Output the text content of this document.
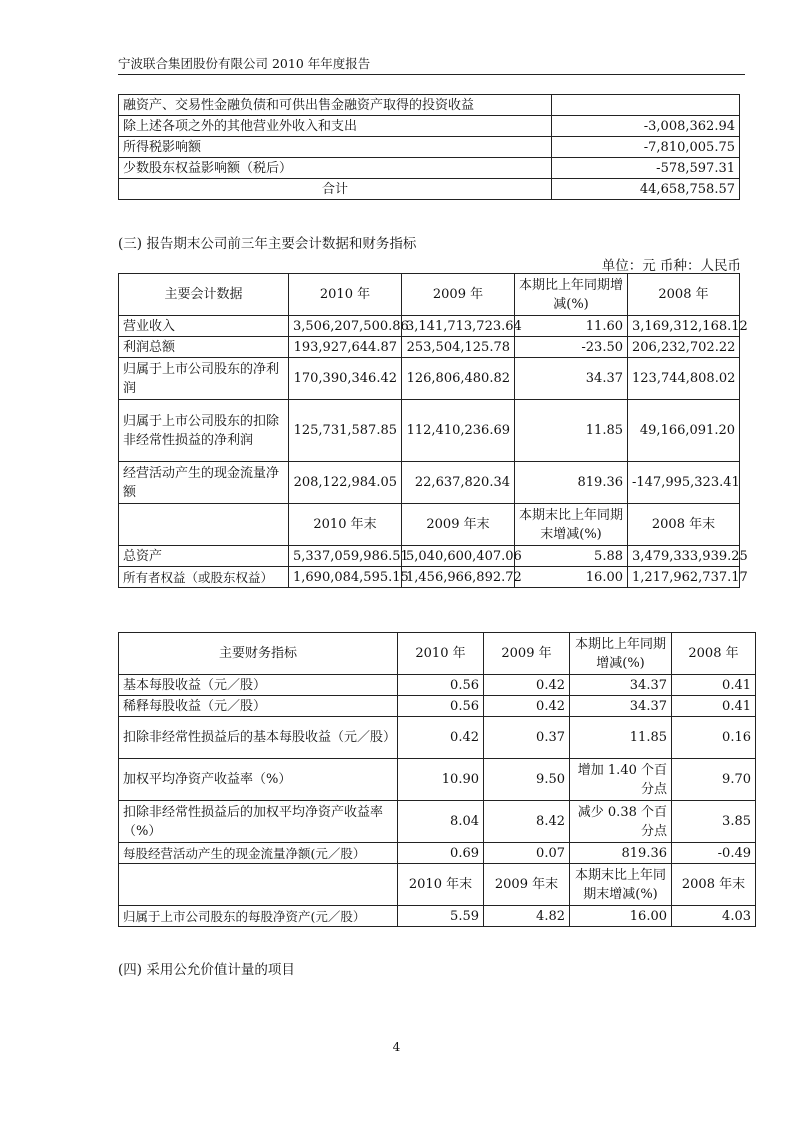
宁波联合集团股份有限公司 2010 年年度报告
融资产、交易性金融负债和可供出售金融资产取得的投资收益	
除上述各项之外的其他营业外收入和支出	-3,008,362.94
所得税影响额	-7,810,005.75
少数股东权益影响额（税后）	-578,597.31
合计	44,658,758.57
(三) 报告期末公司前三年主要会计数据和财务指标
单位：元 币种：人民币
主要会计数据	2010 年	2009 年	本期比上年同期增减(%)	2008 年
营业收入	3,506,207,500.86	3,141,713,723.64	11.60	3,169,312,168.12
利润总额	193,927,644.87	253,504,125.78	-23.50	206,232,702.22
归属于上市公司股东的净利润	170,390,346.42	126,806,480.82	34.37	123,744,808.02
归属于上市公司股东的扣除非经常性损益的净利润	125,731,587.85	112,410,236.69	11.85	49,166,091.20
经营活动产生的现金流量净额	208,122,984.05	22,637,820.34	819.36	-147,995,323.41
	2010 年末	2009 年末	本期末比上年同期末增减(%)	2008 年末
总资产	5,337,059,986.51	5,040,600,407.06	5.88	3,479,333,939.25
所有者权益（或股东权益）	1,690,084,595.15	1,456,966,892.72	16.00	1,217,962,737.17
主要财务指标	2010 年	2009 年	本期比上年同期增减(%)	2008 年
基本每股收益（元／股）	0.56	0.42	34.37	0.41
稀释每股收益（元／股）	0.56	0.42	34.37	0.41
扣除非经常性损益后的基本每股收益（元／股）	0.42	0.37	11.85	0.16
加权平均净资产收益率（%）	10.90	9.50	增加 1.40 个百分点	9.70
扣除非经常性损益后的加权平均净资产收益率（%）	8.04	8.42	减少 0.38 个百分点	3.85
每股经营活动产生的现金流量净额(元／股）	0.69	0.07	819.36	-0.49
	2010 年末	2009 年末	本期末比上年同期末增减(%)	2008 年末
归属于上市公司股东的每股净资产(元／股）	5.59	4.82	16.00	4.03
(四) 采用公允价值计量的项目
4
